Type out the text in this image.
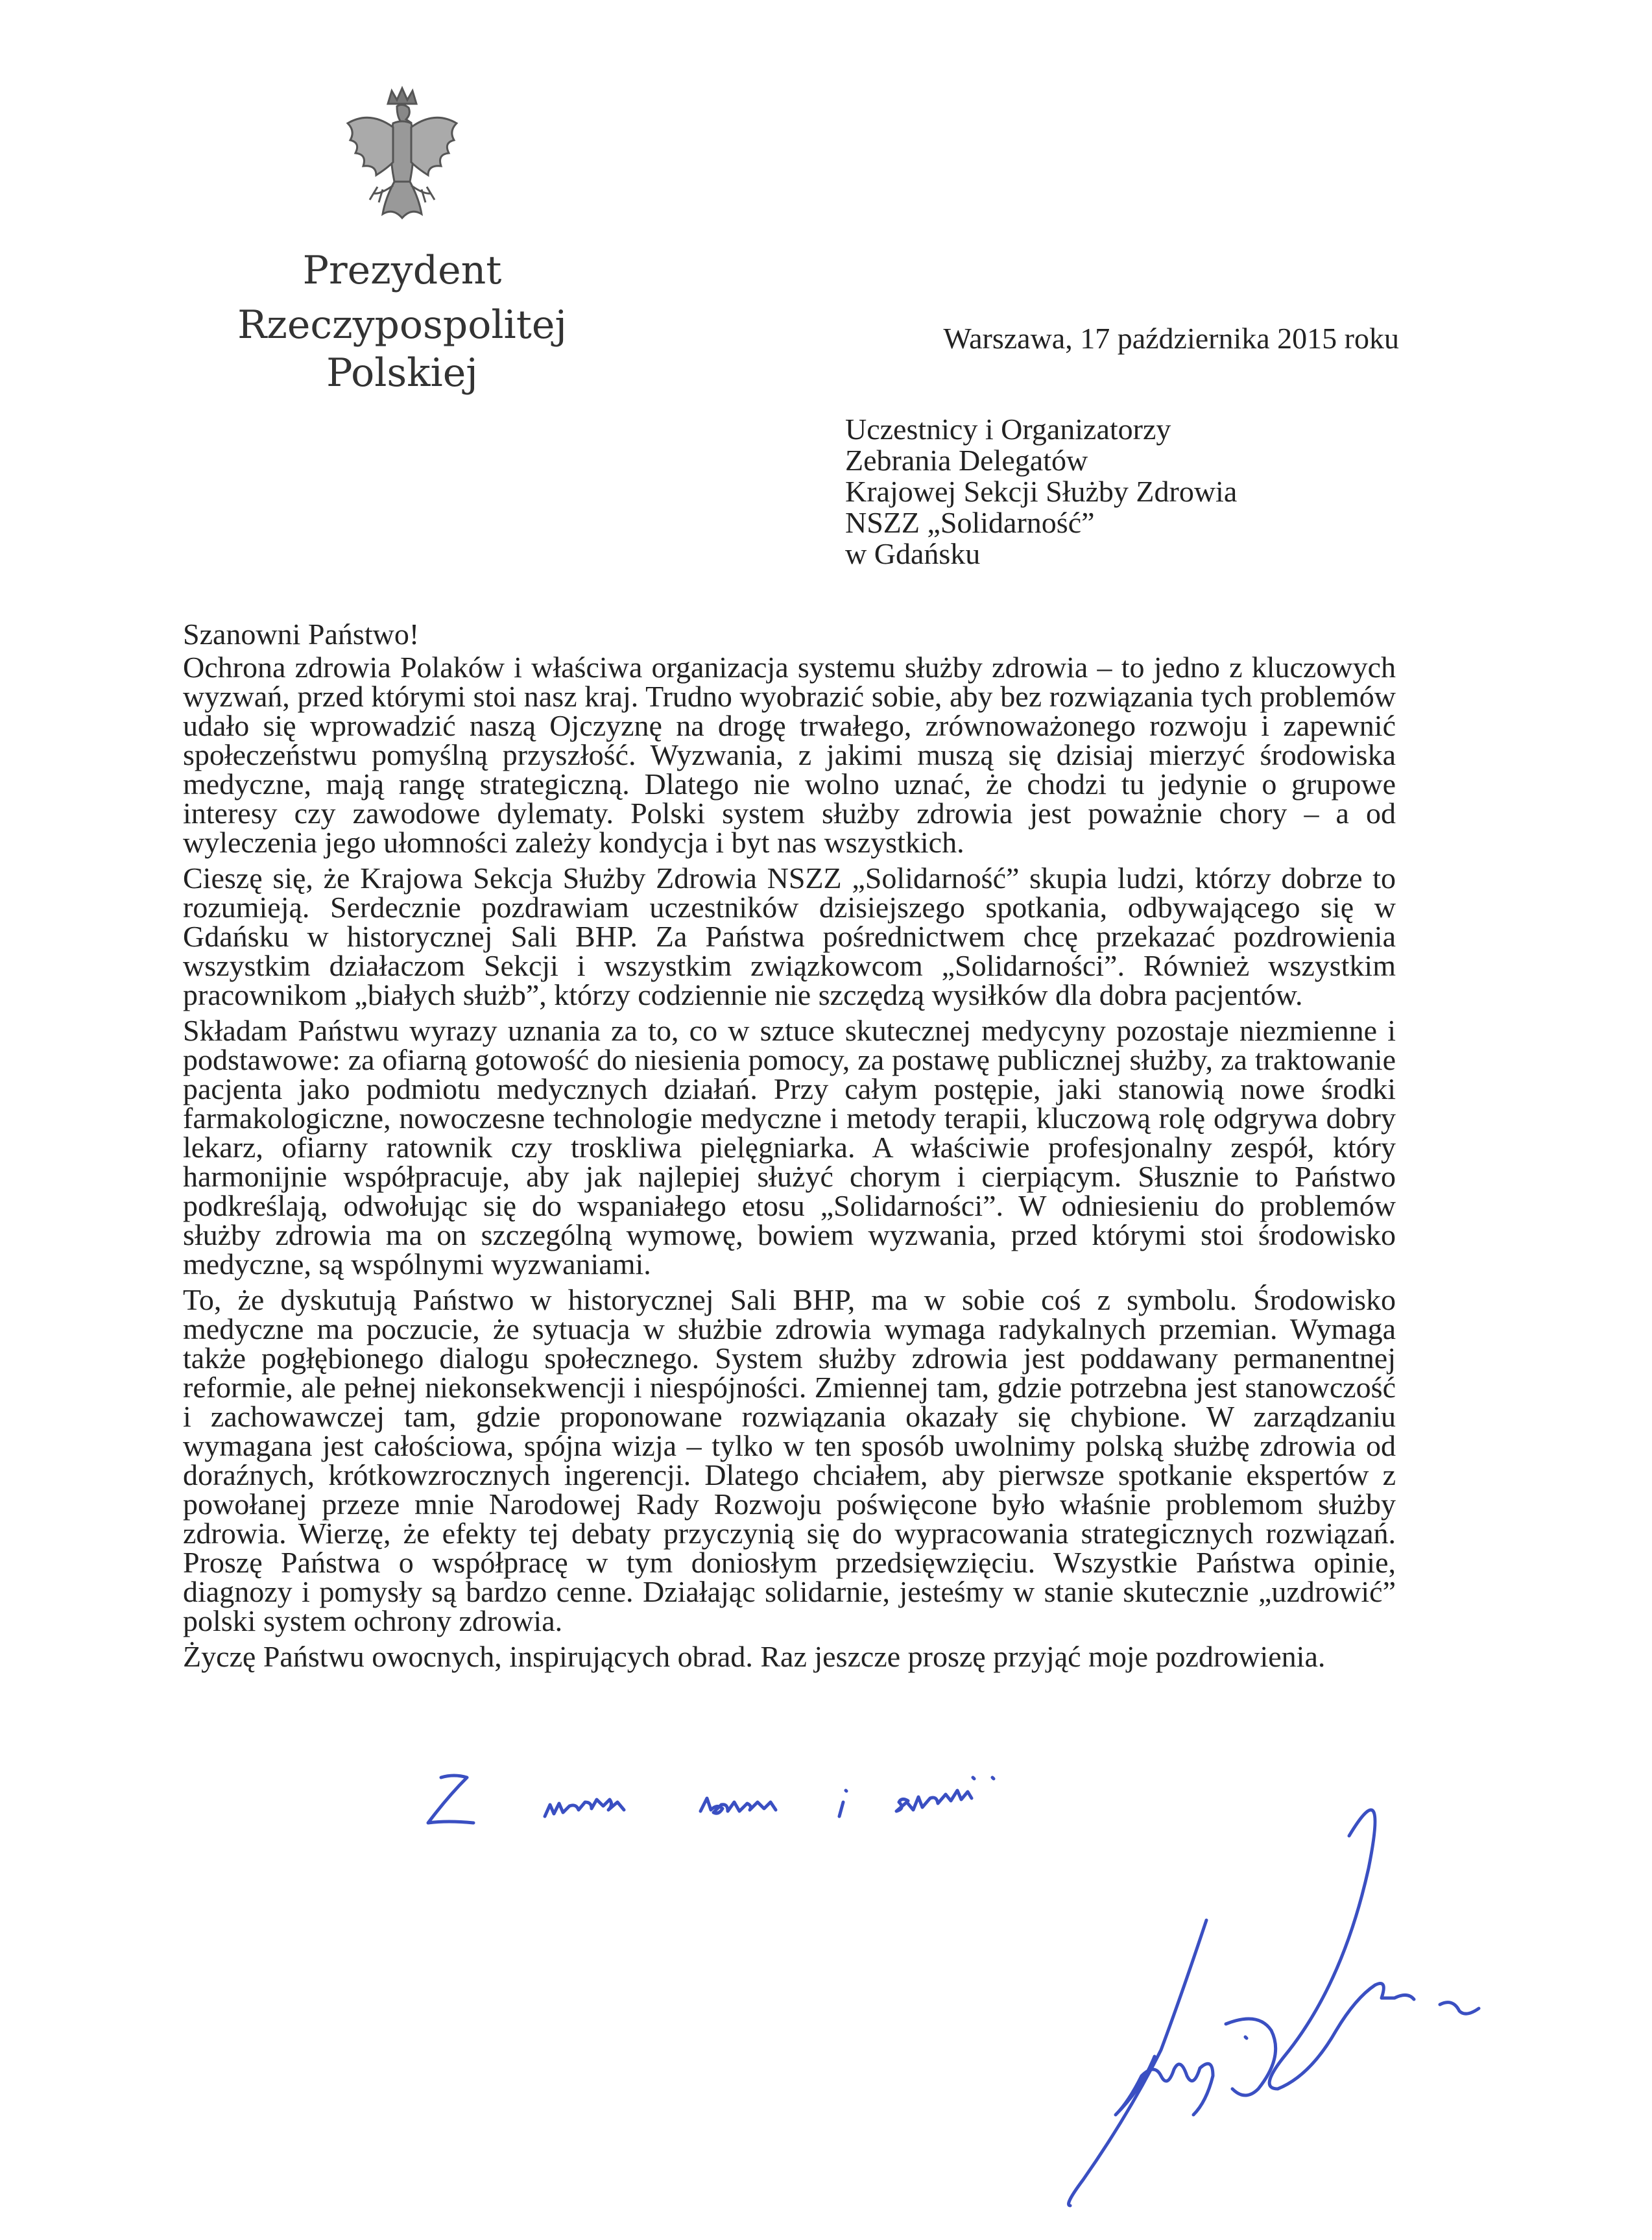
Prezydent
Rzeczypospolitej Polskiej
Warszawa, 17 października 2015 roku
Uczestnicy i Organizatorzy
Zebrania Delegatów
Krajowej Sekcji Służby Zdrowia
NSZZ „Solidarność”
w Gdańsku
Szanowni Państwo!

Ochrona zdrowia Polaków i właściwa organizacja systemu służby zdrowia – to jedno z kluczowych wyzwań, przed którymi stoi nasz kraj. Trudno wyobrazić sobie, aby bez rozwiązania tych problemów udało się wprowadzić naszą Ojczyznę na drogę trwałego, zrównoważonego rozwoju i zapewnić społeczeństwu pomyślną przyszłość. Wyzwania, z jakimi muszą się dzisiaj mierzyć środowiska medyczne, mają rangę strategiczną. Dlatego nie wolno uznać, że chodzi tu jedynie o grupowe interesy czy zawodowe dylematy. Polski system służby zdrowia jest poważnie chory – a od wyleczenia jego ułomności zależy kondycja i byt nas wszystkich.

Cieszę się, że Krajowa Sekcja Służby Zdrowia NSZZ „Solidarność” skupia ludzi, którzy dobrze to rozumieją. Serdecznie pozdrawiam uczestników dzisiejszego spotkania, odbywającego się w Gdańsku w historycznej Sali BHP. Za Państwa pośrednictwem chcę przekazać pozdrowienia wszystkim działaczom Sekcji i wszystkim związkowcom „Solidarności”. Również wszystkim pracownikom „białych służb”, którzy codziennie nie szczędzą wysiłków dla dobra pacjentów.

Składam Państwu wyrazy uznania za to, co w sztuce skutecznej medycyny pozostaje niezmienne i podstawowe: za ofiarną gotowość do niesienia pomocy, za postawę publicznej służby, za traktowanie pacjenta jako podmiotu medycznych działań. Przy całym postępie, jaki stanowią nowe środki farmakologiczne, nowoczesne technologie medyczne i metody terapii, kluczową rolę odgrywa dobry lekarz, ofiarny ratownik czy troskliwa pielęgniarka. A właściwie profesjonalny zespół, który harmonijnie współpracuje, aby jak najlepiej służyć chorym i cierpiącym. Słusznie to Państwo podkreślają, odwołując się do wspaniałego etosu „Solidarności”. W odniesieniu do problemów służby zdrowia ma on szczególną wymowę, bowiem wyzwania, przed którymi stoi środowisko medyczne, są wspólnymi wyzwaniami.

To, że dyskutują Państwo w historycznej Sali BHP, ma w sobie coś z symbolu. Środowisko medyczne ma poczucie, że sytuacja w służbie zdrowia wymaga radykalnych przemian. Wymaga także pogłębionego dialogu społecznego. System służby zdrowia jest poddawany permanentnej reformie, ale pełnej niekonsekwencji i niespójności. Zmiennej tam, gdzie potrzebna jest stanowczość i zachowawczej tam, gdzie proponowane rozwiązania okazały się chybione. W zarządzaniu wymagana jest całościowa, spójna wizja – tylko w ten sposób uwolnimy polską służbę zdrowia od doraźnych, krótkowzrocznych ingerencji. Dlatego chciałem, aby pierwsze spotkanie ekspertów z powołanej przeze mnie Narodowej Rady Rozwoju poświęcone było właśnie problemom służby zdrowia. Wierzę, że efekty tej debaty przyczynią się do wypracowania strategicznych rozwiązań. Proszę Państwa o współpracę w tym doniosłym przedsięwzięciu. Wszystkie Państwa opinie, diagnozy i pomysły są bardzo cenne. Działając solidarnie, jesteśmy w stanie skutecznie „uzdrowić” polski system ochrony zdrowia.

Życzę Państwu owocnych, inspirujących obrad. Raz jeszcze proszę przyjąć moje pozdrowienia.
